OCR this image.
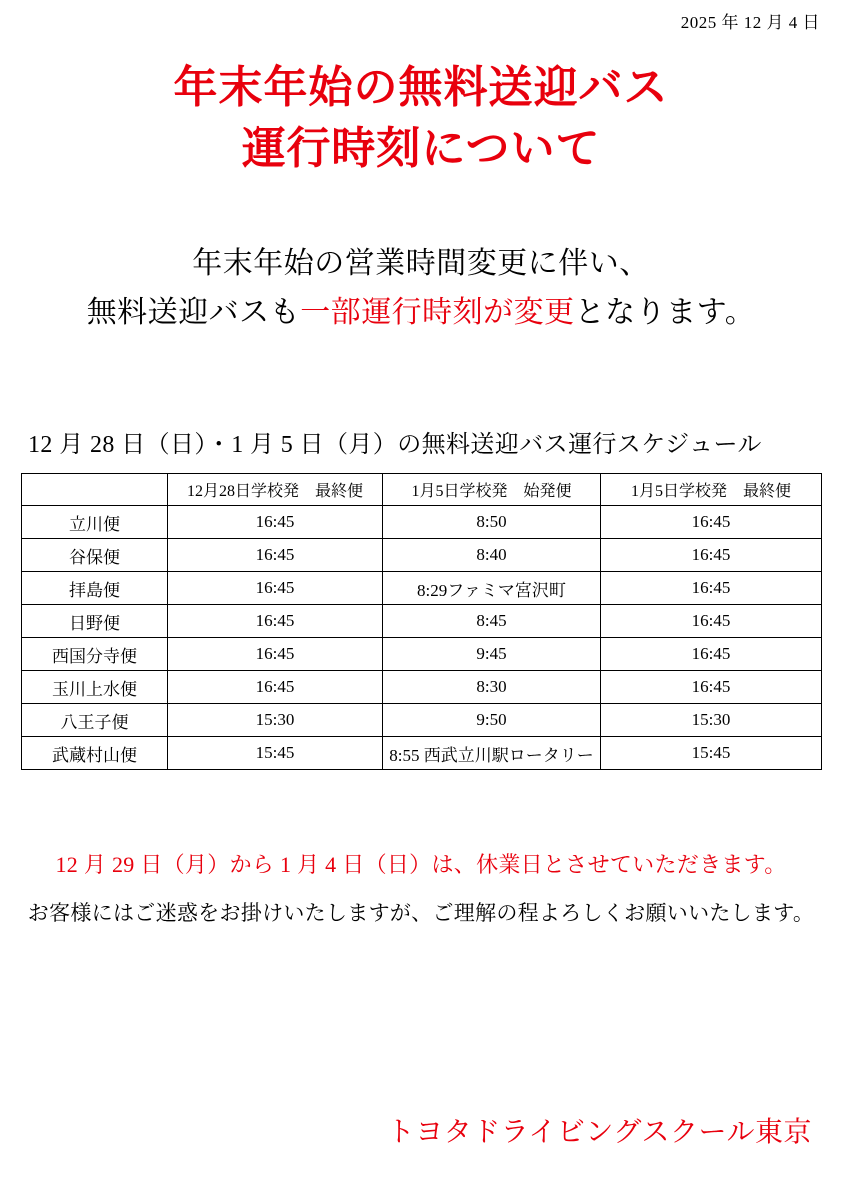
2025 年 12 月 4 日
年末年始の無料送迎バス
運行時刻について
年末年始の営業時間変更に伴い、
無料送迎バスも一部運行時刻が変更となります。
12 月 28 日（日）・1 月 5 日（月）の無料送迎バス運行スケジュール
	12月28日学校発　最終便	1月5日学校発　始発便	1月5日学校発　最終便
立川便	16:45	8:50	16:45
谷保便	16:45	8:40	16:45
拝島便	16:45	8:29ファミマ宮沢町	16:45
日野便	16:45	8:45	16:45
西国分寺便	16:45	9:45	16:45
玉川上水便	16:45	8:30	16:45
八王子便	15:30	9:50	15:30
武蔵村山便	15:45	8:55 西武立川駅ロータリー	15:45
12 月 29 日（月）から 1 月 4 日（日）は、休業日とさせていただきます。
お客様にはご迷惑をお掛けいたしますが、ご理解の程よろしくお願いいたします。
トヨタドライビングスクール東京
